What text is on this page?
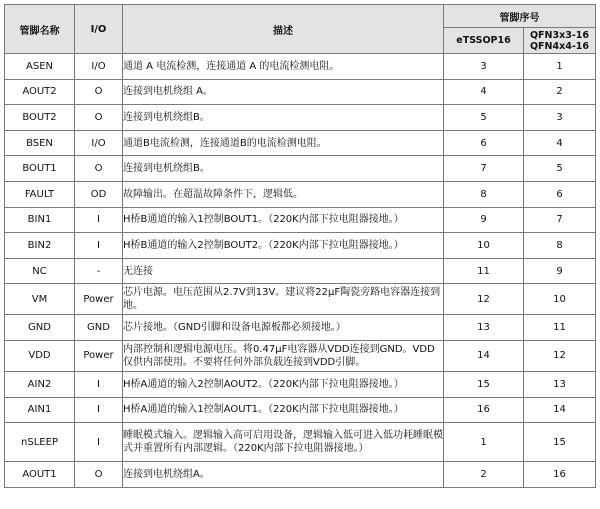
管脚名称	I/O	描述	管脚序号	
			eTSSOP16	QFN3x3-16
QFN4x4-16
ASEN	I/O	通道 A 电流检测，连接通道 A 的电流检测电阻。	3	1
AOUT2	O	连接到电机绕组 A。	4	2
BOUT2	O	连接到电机绕组B。	5	3
BSEN	I/O	通道B电流检测，连接通道B的电流检测电阻。	6	4
BOUT1	O	连接到电机绕组B。	7	5
FAULT	OD	故障输出。在超温故障条件下，逻辑低。	8	6
BIN1	I	H桥B通道的输入1控制BOUT1。（220K内部下拉电阻器接地。）	9	7
BIN2	I	H桥B通道的输入2控制BOUT2。（220K内部下拉电阻器接地。）	10	8
NC	-	无连接	11	9
VM	Power	芯片电源。电压范围从2.7V到13V。建议将22μF陶瓷旁路电容器连接到地。	12	10
GND	GND	芯片接地。（GND引脚和设备电源板都必须接地。）	13	11
VDD	Power	内部控制和逻辑电源电压。将0.47μF电容器从VDD连接到GND。VDD仅供内部使用。不要将任何外部负载连接到VDD引脚。	14	12
AIN2	I	H桥A通道的输入2控制AOUT2。（220K内部下拉电阻器接地。）	15	13
AIN1	I	H桥A通道的输入1控制AOUT1。（220K内部下拉电阻器接地。）	16	14
nSLEEP	I	睡眠模式输入。逻辑输入高可启用设备，逻辑输入低可进入低功耗睡眠模式并重置所有内部逻辑。（220K内部下拉电阻器接地。）	1	15
AOUT1	O	连接到电机绕组A。	2	16
